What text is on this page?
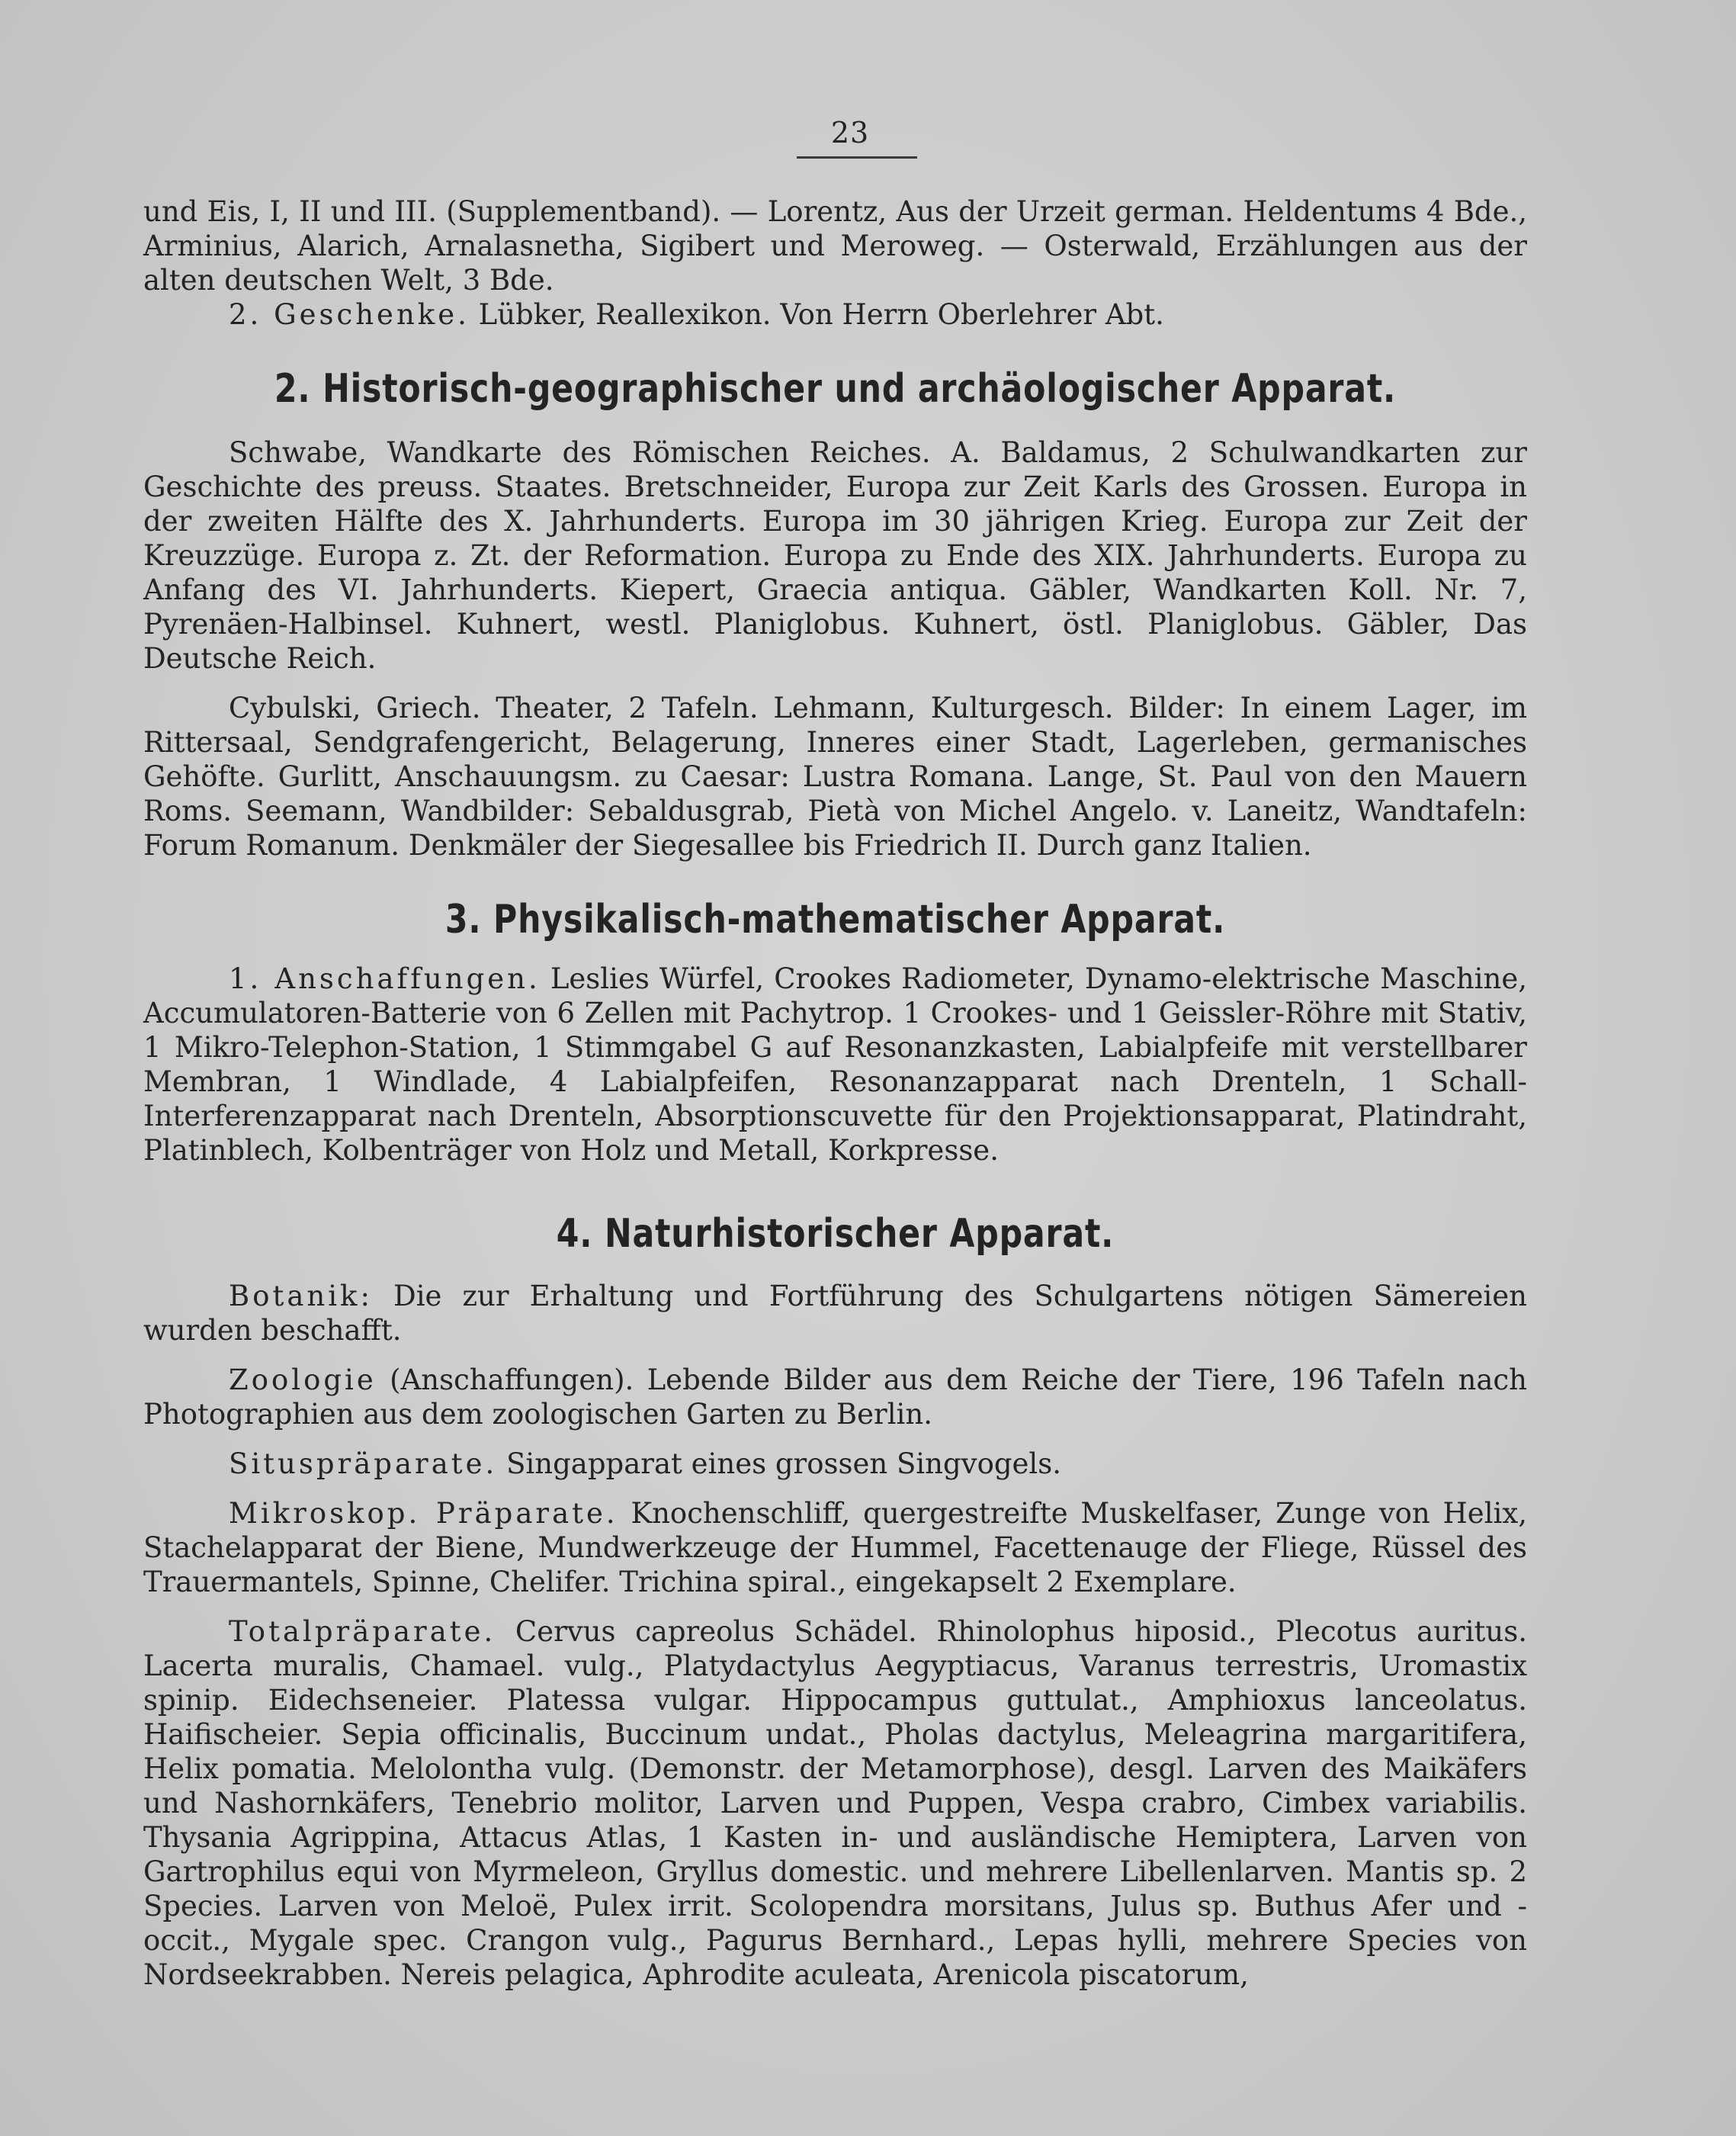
23

und Eis, I, II und III. (Supplementband). — Lorentz, Aus der Urzeit german. Heldentums 4 Bde., Arminius, Alarich, Arnalasnetha, Sigibert und Meroweg. — Osterwald, Erzählungen aus der alten deutschen Welt, 3 Bde.

2. Geschenke. Lübker, Reallexikon. Von Herrn Oberlehrer Abt.

2. Historisch-geographischer und archäologischer Apparat.

Schwabe, Wandkarte des Römischen Reiches. A. Baldamus, 2 Schulwandkarten zur Geschichte des preuss. Staates. Bretschneider, Europa zur Zeit Karls des Grossen. Europa in der zweiten Hälfte des X. Jahrhunderts. Europa im 30 jährigen Krieg. Europa zur Zeit der Kreuzzüge. Europa z. Zt. der Reformation. Europa zu Ende des XIX. Jahrhunderts. Europa zu Anfang des VI. Jahrhunderts. Kiepert, Graecia antiqua. Gäbler, Wandkarten Koll. Nr. 7, Pyrenäen-Halbinsel. Kuhnert, westl. Planiglobus. Kuhnert, östl. Planiglobus. Gäbler, Das Deutsche Reich.

Cybulski, Griech. Theater, 2 Tafeln. Lehmann, Kulturgesch. Bilder: In einem Lager, im Rittersaal, Sendgrafengericht, Belagerung, Inneres einer Stadt, Lagerleben, germanisches Gehöfte. Gurlitt, Anschauungsm. zu Caesar: Lustra Romana. Lange, St. Paul von den Mauern Roms. Seemann, Wandbilder: Sebaldusgrab, Pietà von Michel Angelo. v. Laneitz, Wandtafeln: Forum Romanum. Denkmäler der Siegesallee bis Friedrich II. Durch ganz Italien.

3. Physikalisch-mathematischer Apparat.

1. Anschaffungen. Leslies Würfel, Crookes Radiometer, Dynamo-elektrische Maschine, Accumulatoren-Batterie von 6 Zellen mit Pachytrop. 1 Crookes- und 1 Geissler-Röhre mit Stativ, 1 Mikro-Telephon-Station, 1 Stimmgabel G auf Resonanzkasten, Labialpfeife mit verstellbarer Membran, 1 Windlade, 4 Labialpfeifen, Resonanzapparat nach Drenteln, 1 Schall-Interferenzapparat nach Drenteln, Absorptionscuvette für den Projektionsapparat, Platindraht, Platinblech, Kolbenträger von Holz und Metall, Korkpresse.

4. Naturhistorischer Apparat.

Botanik: Die zur Erhaltung und Fortführung des Schulgartens nötigen Sämereien wurden beschafft.

Zoologie (Anschaffungen). Lebende Bilder aus dem Reiche der Tiere, 196 Tafeln nach Photographien aus dem zoologischen Garten zu Berlin.

Situspräparate. Singapparat eines grossen Singvogels.

Mikroskop. Präparate. Knochenschliff, quergestreifte Muskelfaser, Zunge von Helix, Stachelapparat der Biene, Mundwerkzeuge der Hummel, Facettenauge der Fliege, Rüssel des Trauermantels, Spinne, Chelifer. Trichina spiral., eingekapselt 2 Exemplare.

Totalpräparate. Cervus capreolus Schädel. Rhinolophus hiposid., Plecotus auritus. Lacerta muralis, Chamael. vulg., Platydactylus Aegyptiacus, Varanus terrestris, Uromastix spinip. Eidechseneier. Platessa vulgar. Hippocampus guttulat., Amphioxus lanceolatus. Haifischeier. Sepia officinalis, Buccinum undat., Pholas dactylus, Meleagrina margaritifera, Helix pomatia. Melolontha vulg. (Demonstr. der Metamorphose), desgl. Larven des Maikäfers und Nashornkäfers, Tenebrio molitor, Larven und Puppen, Vespa crabro, Cimbex variabilis. Thysania Agrippina, Attacus Atlas, 1 Kasten in- und ausländische Hemiptera, Larven von Gartrophilus equi von Myrmeleon, Gryllus domestic. und mehrere Libellenlarven. Mantis sp. 2 Species. Larven von Meloë, Pulex irrit. Scolopendra morsitans, Julus sp. Buthus Afer und - occit., Mygale spec. Crangon vulg., Pagurus Bernhard., Lepas hylli, mehrere Species von Nordseekrabben. Nereis pelagica, Aphrodite aculeata, Arenicola piscatorum,
